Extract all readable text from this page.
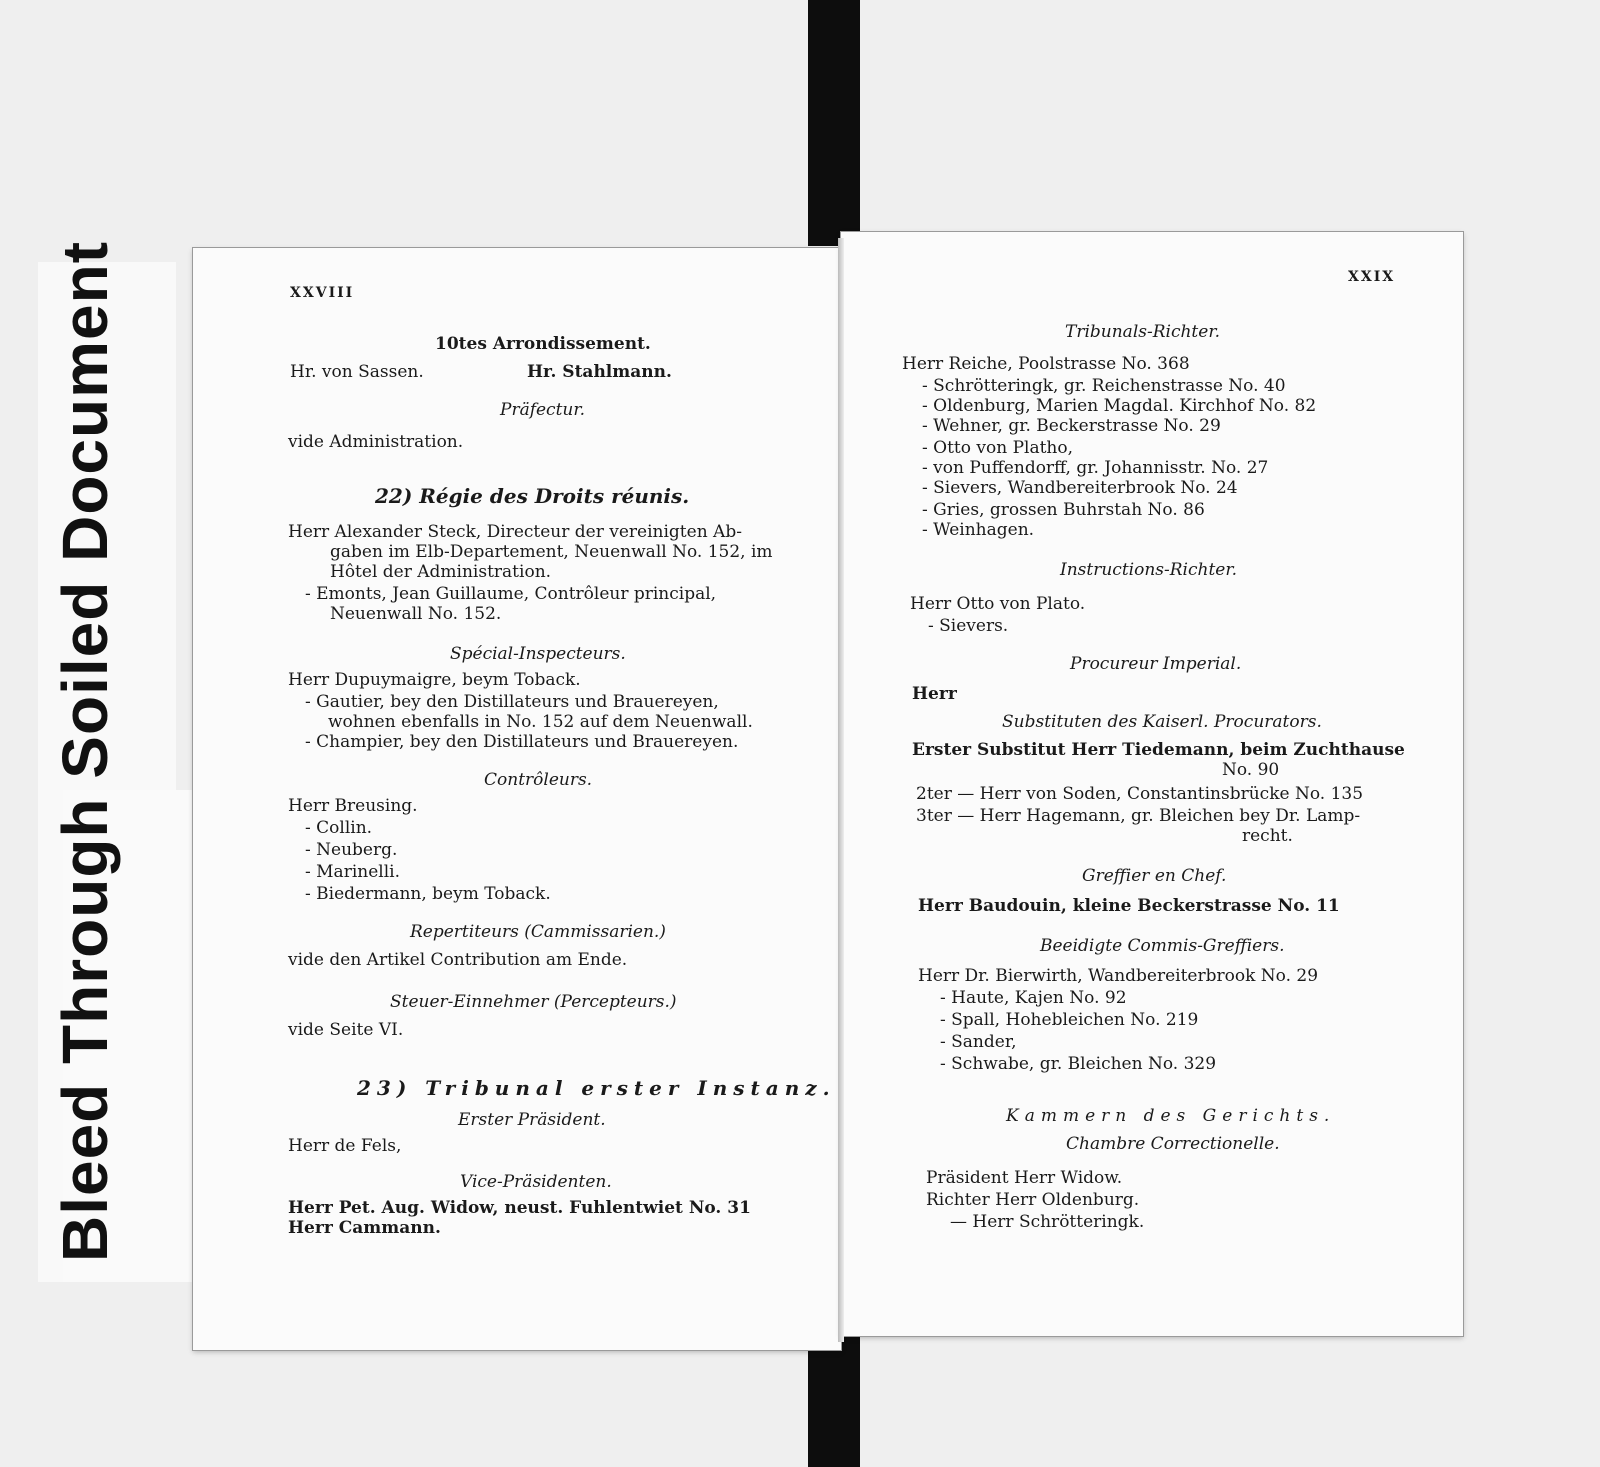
Bleed Through Soiled Document	XXVIII
XXIX
10tes Arrondissement.
Hr. von Sassen.	Hr. Stahlmann.
Präfectur.
vide Administration.
22) Régie des Droits réunis.
Herr Alexander Steck, Directeur der vereinigten Ab-
gaben im Elb-Departement, Neuenwall No. 152, im
Hôtel der Administration.
- Emonts, Jean Guillaume, Contrôleur principal,
Neuenwall No. 152.
Spécial-Inspecteurs.
Herr Dupuymaigre, beym Toback.
- Gautier, bey den Distillateurs und Brauereyen,
wohnen ebenfalls in No. 152 auf dem Neuenwall.
- Champier, bey den Distillateurs und Brauereyen.
Contrôleurs.
Herr Breusing.
- Collin.
- Neuberg.
- Marinelli.
- Biedermann, beym Toback.
Repertiteurs (Cammissarien.)
vide den Artikel Contribution am Ende.
Steuer-Einnehmer (Percepteurs.)
vide Seite VI.
23) Tribunal erster Instanz.
Erster Präsident.
Herr de Fels,
Vice-Präsidenten.
Herr Pet. Aug. Widow, neust. Fuhlentwiet No. 31
Herr Cammann.
Tribunals-Richter.
Herr Reiche, Poolstrasse No. 368
- Schrötteringk, gr. Reichenstrasse No. 40
- Oldenburg, Marien Magdal. Kirchhof No. 82
- Wehner, gr. Beckerstrasse No. 29
- Otto von Platho,
- von Puffendorff, gr. Johannisstr. No. 27
- Sievers, Wandbereiterbrook No. 24
- Gries, grossen Buhrstah No. 86
- Weinhagen.
Instructions-Richter.
Herr Otto von Plato.
- Sievers.
Procureur Imperial.
Herr
Substituten des Kaiserl. Procurators.
Erster Substitut Herr Tiedemann, beim Zuchthause
No. 90
2ter — Herr von Soden, Constantinsbrücke No. 135
3ter — Herr Hagemann, gr. Bleichen bey Dr. Lamp-
recht.
Greffier en Chef.
Herr Baudouin, kleine Beckerstrasse No. 11
Beeidigte Commis-Greffiers.
Herr Dr. Bierwirth, Wandbereiterbrook No. 29
- Haute, Kajen No. 92
- Spall, Hohebleichen No. 219
- Sander,
- Schwabe, gr. Bleichen No. 329
Kammern des Gerichts.
Chambre Correctionelle.
Präsident Herr Widow.
Richter Herr Oldenburg.
— Herr Schrötteringk.
